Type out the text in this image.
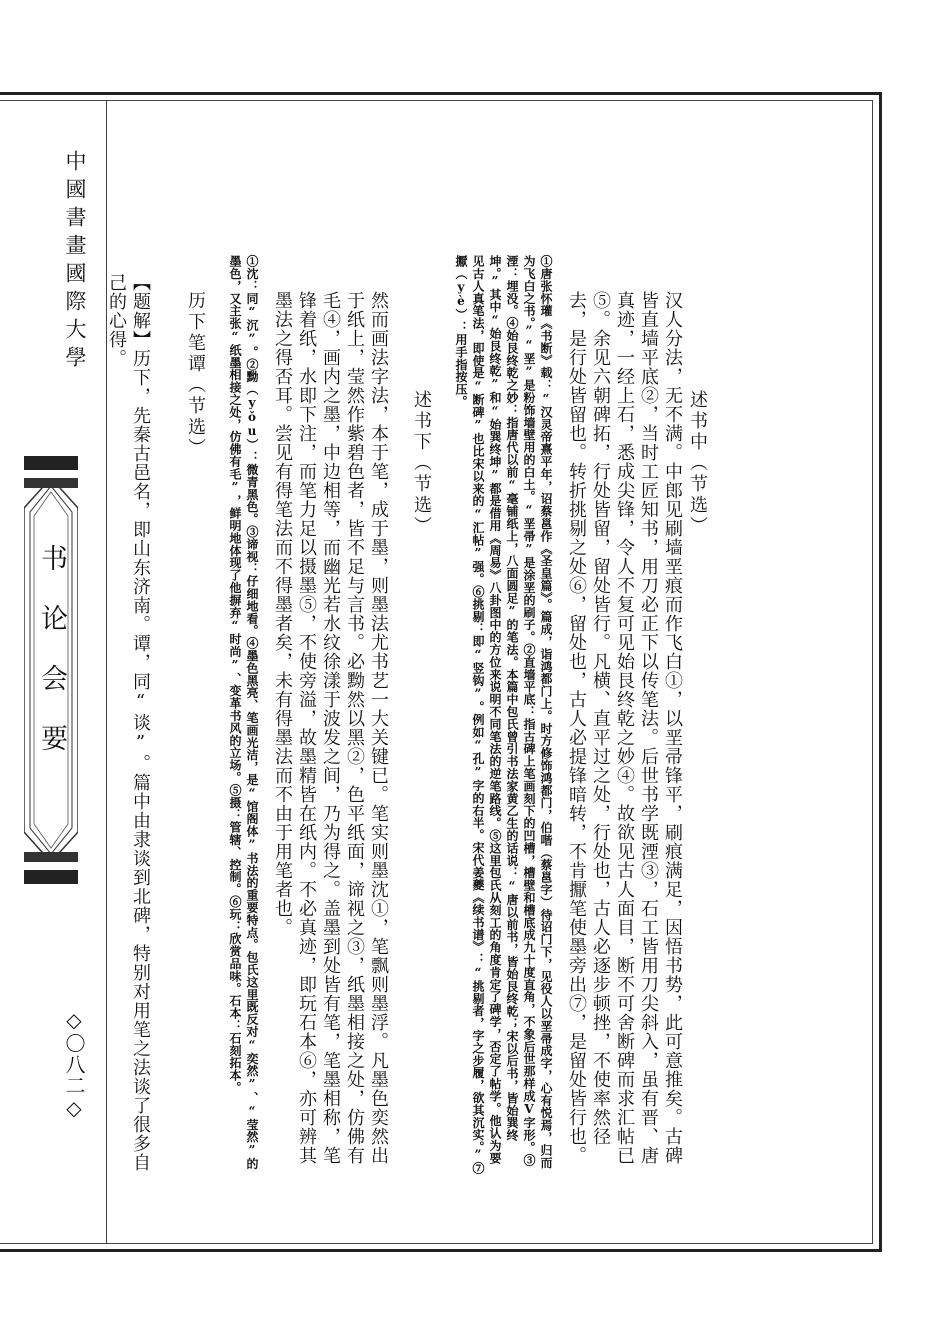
中國書畫國際大學
书论会要
◇〇八二◇

述书中（节选）

汉人分法，无不满。中郎见刷墙垩痕而作飞白①，以垩帚锋平，刷痕满足，因悟书势，此可意推矣。古碑皆直墙平底②，当时工匠知书，用刀必正下以传笔法。后世书学既湮③，石工皆用刀尖斜入，虽有晋、唐真迹，一经上石，悉成尖锋，令人不复可见始艮终乾之妙④。故欲见古人面目，断不可舍断碑而求汇帖已⑤。余见六朝碑拓，行处皆留，留处皆行。凡横、直平过之处，行处也，古人必逐步顿挫，不使率然径去，是行处皆留也。转折挑剔之处⑥，留处也，古人必提锋暗转，不肯擫笔使墨旁出⑦，是留处皆行也。

①唐张怀瓘《书断》载：“汉灵帝熹平年，诏蔡邕作《圣皇篇》。篇成，诣鸿都门上。时方修饰鸿都门，伯喈（蔡邕字）待诏门下，见役人以垩帚成字，心有悦焉，归而为飞白之书。”“垩”是粉饰墙壁用的白土。“垩帚”是涂垩的刷子。②直墙平底：指古碑上笔画刻下的凹槽，槽壁和槽底成九十度直角，不象后世那样成V字形。③湮：埋没。④始艮终乾之妙：指唐代以前“毫铺纸上，八面圆足”的笔法。本篇中包氏曾引书法家黄乙生的话说：“唐以前书，皆始艮终乾；宋以后书，皆始巽终坤。”其中“始艮终乾”和“始巽终坤”都是借用《周易》八卦图中的方位来说明不同笔法的逆笔路线。⑤这里包氏从刻工的角度肯定了碑学，否定了帖学。他认为要见古人真笔法，即使是“断碑”也比宋以来的“汇帖”强。⑥挑剔：即“竖钩”。例如“孔”字的右半。宋代姜夔《续书谱》：“挑剔者，字之步履，欲其沉实。”⑦擫（yè）：用手指按压。

述书下（节选）

然而画法字法，本于笔，成于墨，则墨法尤书艺一大关键已。笔实则墨沈①，笔飘则墨浮。凡墨色奕然出于纸上，莹然作紫碧色者，皆不足与言书。必黝然以黑②，色平纸面，谛视之③，纸墨相接之处，仿佛有毛④，画内之墨，中边相等，而幽光若水纹徐漾于波发之间，乃为得之。盖墨到处皆有笔，笔墨相称，笔锋着纸，水即下注，而笔力足以摄墨⑤，不使旁溢，故墨精皆在纸内。不必真迹，即玩石本⑥，亦可辨其墨法之得否耳。尝见有得笔法而不得墨者矣，未有得墨法而不由于用笔者也。

①沈：同“沉”。②黝（yǒu）：微青黑色。③谛视：仔细地看。④墨色黑亮、笔画光洁，是“馆阁体”书法的重要特点。包氏这里既反对“奕然”、“莹然”的墨色，又主张“纸墨相接之处，仿佛有毛”，鲜明地体现了他摒弃“时尚”、变革书风的立场。⑤摄：管辖、控制。⑥玩：欣赏品味。石本：石刻拓本。

历下笔谭（节选）

【题解】历下，先秦古邑名，即山东济南。谭，同“谈”。篇中由隶谈到北碑，特别对用笔之法谈了很多自己的心得。
